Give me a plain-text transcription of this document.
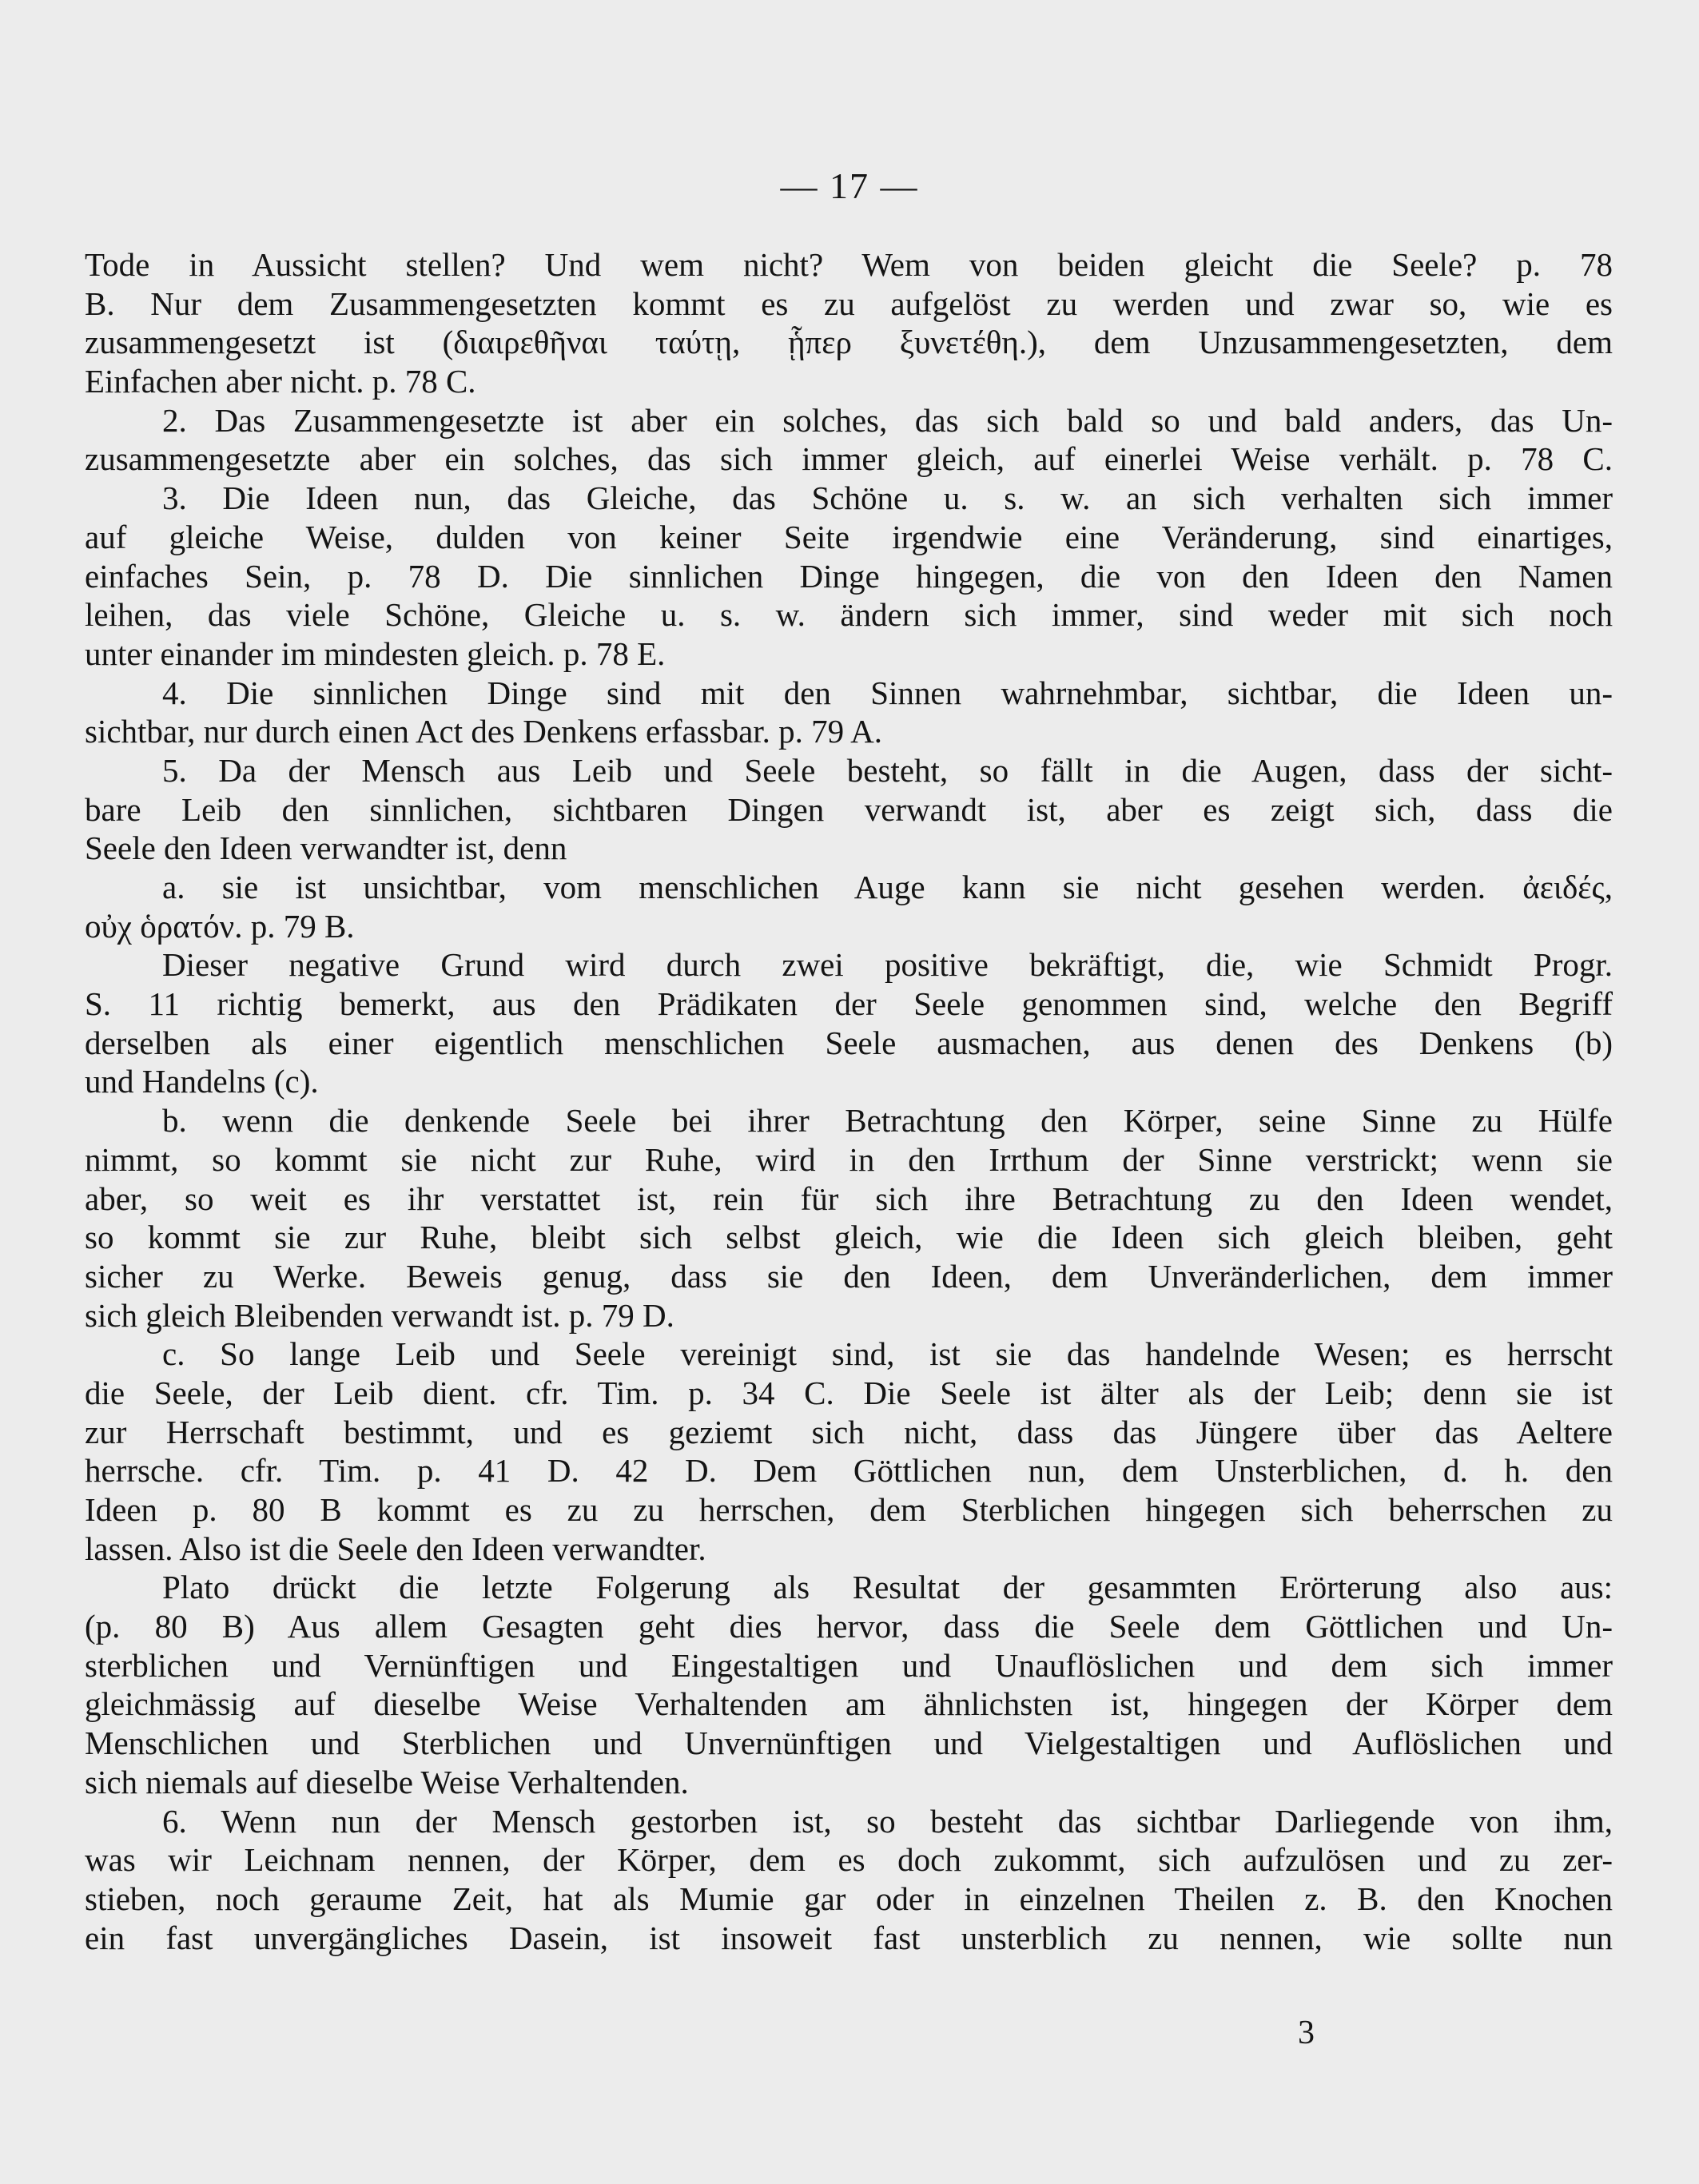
— 17 —
Tode in Aussicht stellen? Und wem nicht? Wem von beiden gleicht die Seele? p. 78
B. Nur dem Zusammengesetzten kommt es zu aufgelöst zu werden und zwar so, wie es
zusammengesetzt ist (διαιρεθῆναι ταύτῃ, ᾗπερ ξυνετέθη.), dem Unzusammengesetzten, dem
Einfachen aber nicht. p. 78 C.
2. Das Zusammengesetzte ist aber ein solches, das sich bald so und bald anders, das Un-
zusammengesetzte aber ein solches, das sich immer gleich, auf einerlei Weise verhält. p. 78 C.
3. Die Ideen nun, das Gleiche, das Schöne u. s. w. an sich verhalten sich immer
auf gleiche Weise, dulden von keiner Seite irgendwie eine Veränderung, sind einartiges,
einfaches Sein, p. 78 D. Die sinnlichen Dinge hingegen, die von den Ideen den Namen
leihen, das viele Schöne, Gleiche u. s. w. ändern sich immer, sind weder mit sich noch
unter einander im mindesten gleich. p. 78 E.
4. Die sinnlichen Dinge sind mit den Sinnen wahrnehmbar, sichtbar, die Ideen un-
sichtbar, nur durch einen Act des Denkens erfassbar. p. 79 A.
5. Da der Mensch aus Leib und Seele besteht, so fällt in die Augen, dass der sicht-
bare Leib den sinnlichen, sichtbaren Dingen verwandt ist, aber es zeigt sich, dass die
Seele den Ideen verwandter ist, denn
a. sie ist unsichtbar, vom menschlichen Auge kann sie nicht gesehen werden. ἀειδές,
οὐχ ὁρατόν. p. 79 B.
Dieser negative Grund wird durch zwei positive bekräftigt, die, wie Schmidt Progr.
S. 11 richtig bemerkt, aus den Prädikaten der Seele genommen sind, welche den Begriff
derselben als einer eigentlich menschlichen Seele ausmachen, aus denen des Denkens (b)
und Handelns (c).
b. wenn die denkende Seele bei ihrer Betrachtung den Körper, seine Sinne zu Hülfe
nimmt, so kommt sie nicht zur Ruhe, wird in den Irrthum der Sinne verstrickt; wenn sie
aber, so weit es ihr verstattet ist, rein für sich ihre Betrachtung zu den Ideen wendet,
so kommt sie zur Ruhe, bleibt sich selbst gleich, wie die Ideen sich gleich bleiben, geht
sicher zu Werke. Beweis genug, dass sie den Ideen, dem Unveränderlichen, dem immer
sich gleich Bleibenden verwandt ist. p. 79 D.
c. So lange Leib und Seele vereinigt sind, ist sie das handelnde Wesen; es herrscht
die Seele, der Leib dient. cfr. Tim. p. 34 C. Die Seele ist älter als der Leib; denn sie ist
zur Herrschaft bestimmt, und es geziemt sich nicht, dass das Jüngere über das Aeltere
herrsche. cfr. Tim. p. 41 D. 42 D. Dem Göttlichen nun, dem Unsterblichen, d. h. den
Ideen p. 80 B kommt es zu zu herrschen, dem Sterblichen hingegen sich beherrschen zu
lassen. Also ist die Seele den Ideen verwandter.
Plato drückt die letzte Folgerung als Resultat der gesammten Erörterung also aus:
(p. 80 B) Aus allem Gesagten geht dies hervor, dass die Seele dem Göttlichen und Un-
sterblichen und Vernünftigen und Eingestaltigen und Unauflöslichen und dem sich immer
gleichmässig auf dieselbe Weise Verhaltenden am ähnlichsten ist, hingegen der Körper dem
Menschlichen und Sterblichen und Unvernünftigen und Vielgestaltigen und Auflöslichen und
sich niemals auf dieselbe Weise Verhaltenden.
6. Wenn nun der Mensch gestorben ist, so besteht das sichtbar Darliegende von ihm,
was wir Leichnam nennen, der Körper, dem es doch zukommt, sich aufzulösen und zu zer-
stieben, noch geraume Zeit, hat als Mumie gar oder in einzelnen Theilen z. B. den Knochen
ein fast unvergängliches Dasein, ist insoweit fast unsterblich zu nennen, wie sollte nun
3
